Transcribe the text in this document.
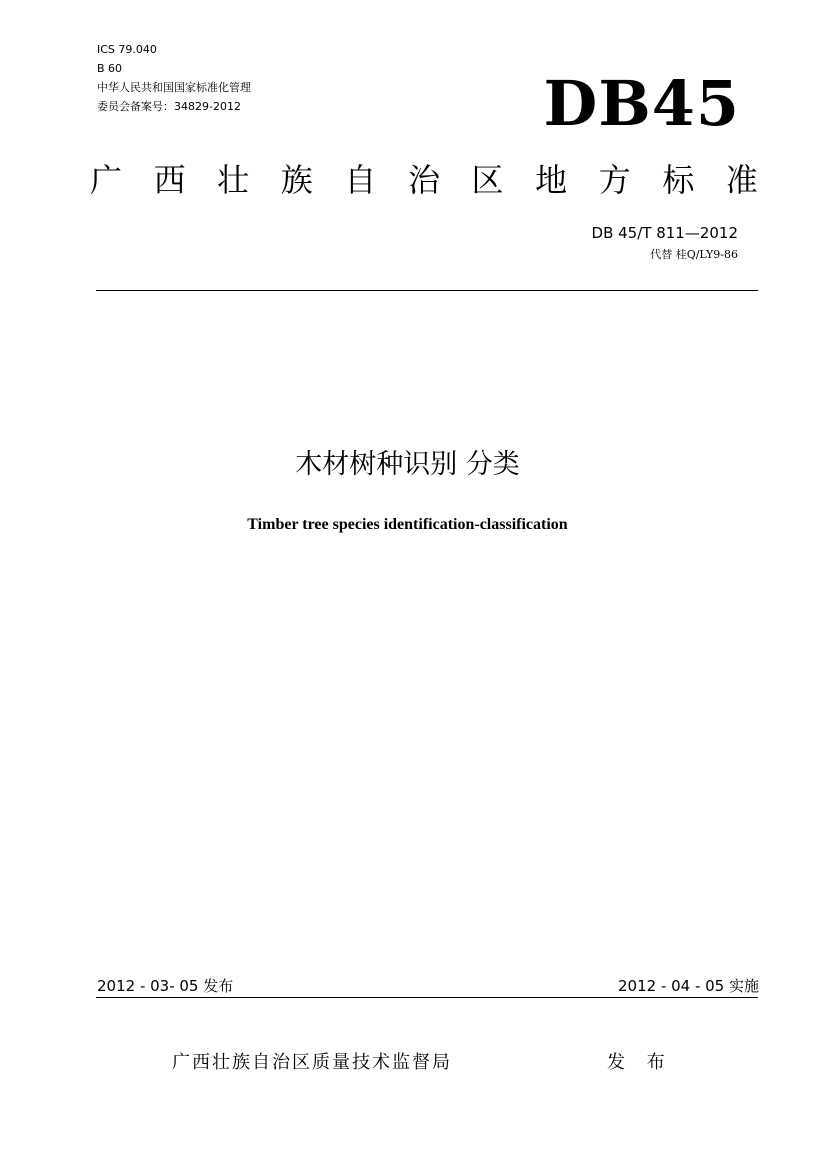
ICS 79.040
B 60
中华人民共和国国家标准化管理
委员会备案号：34829-2012	DB45
广 西 壮 族 自 治 区 地 方 标 准
DB 45/T 811—2012
代替 桂Q/LY9-86
木材树种识别 分类
Timber tree species identification-classification
2012 - 03- 05 发布	2012 - 04 - 05 实施
广西壮族自治区质量技术监督局	发 布
